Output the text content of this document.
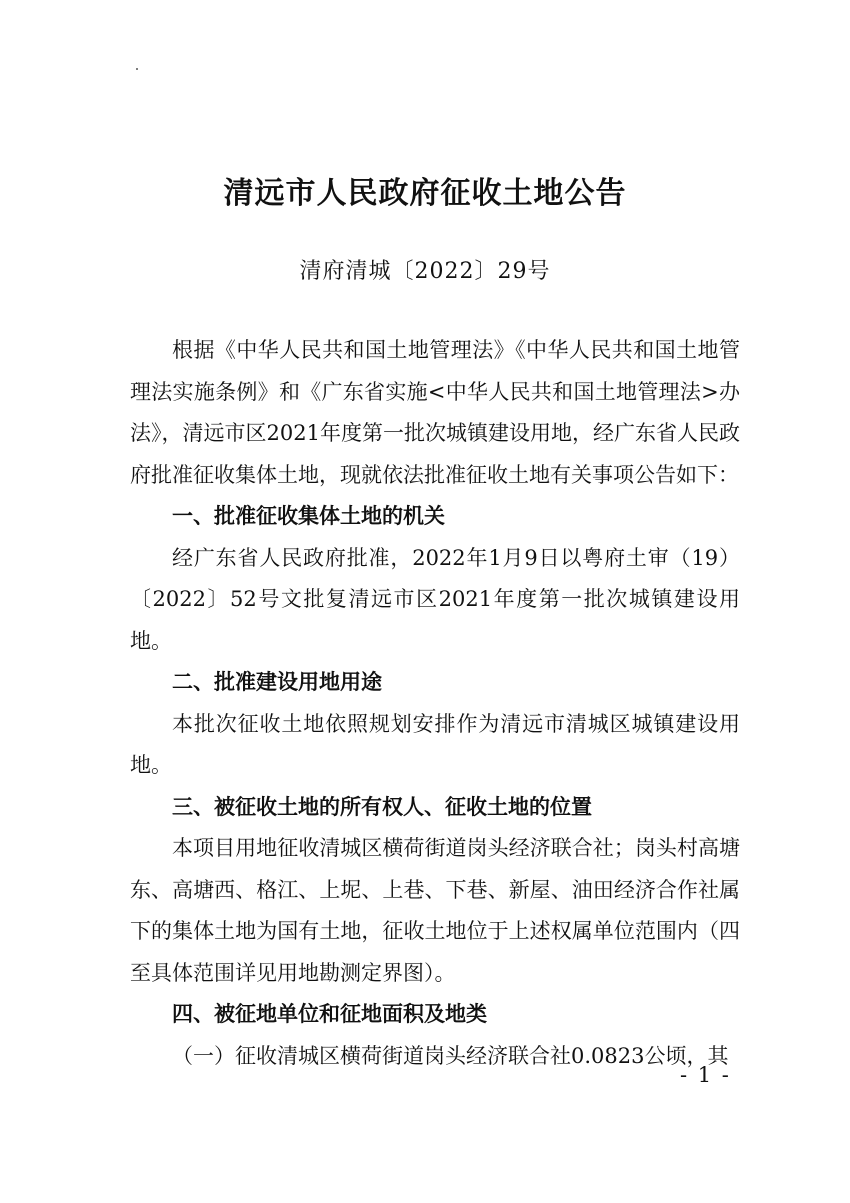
清远市人民政府征收土地公告
清府清城〔2022〕29号

根据《中华人民共和国土地管理法》《中华人民共和国土地管理法实施条例》和《广东省实施<中华人民共和国土地管理法>办法》，清远市区2021年度第一批次城镇建设用地，经广东省人民政府批准征收集体土地，现就依法批准征收土地有关事项公告如下：

一、批准征收集体土地的机关

经广东省人民政府批准，2022年1月9日以粤府土审（19）〔2022〕52号文批复清远市区2021年度第一批次城镇建设用地。

二、批准建设用地用途

本批次征收土地依照规划安排作为清远市清城区城镇建设用地。

三、被征收土地的所有权人、征收土地的位置

本项目用地征收清城区横荷街道岗头经济联合社；岗头村高塘东、高塘西、格江、上坭、上巷、下巷、新屋、油田经济合作社属下的集体土地为国有土地，征收土地位于上述权属单位范围内（四至具体范围详见用地勘测定界图）。

四、被征地单位和征地面积及地类

（一）征收清城区横荷街道岗头经济联合社0.0823公顷，其

- 1 -
